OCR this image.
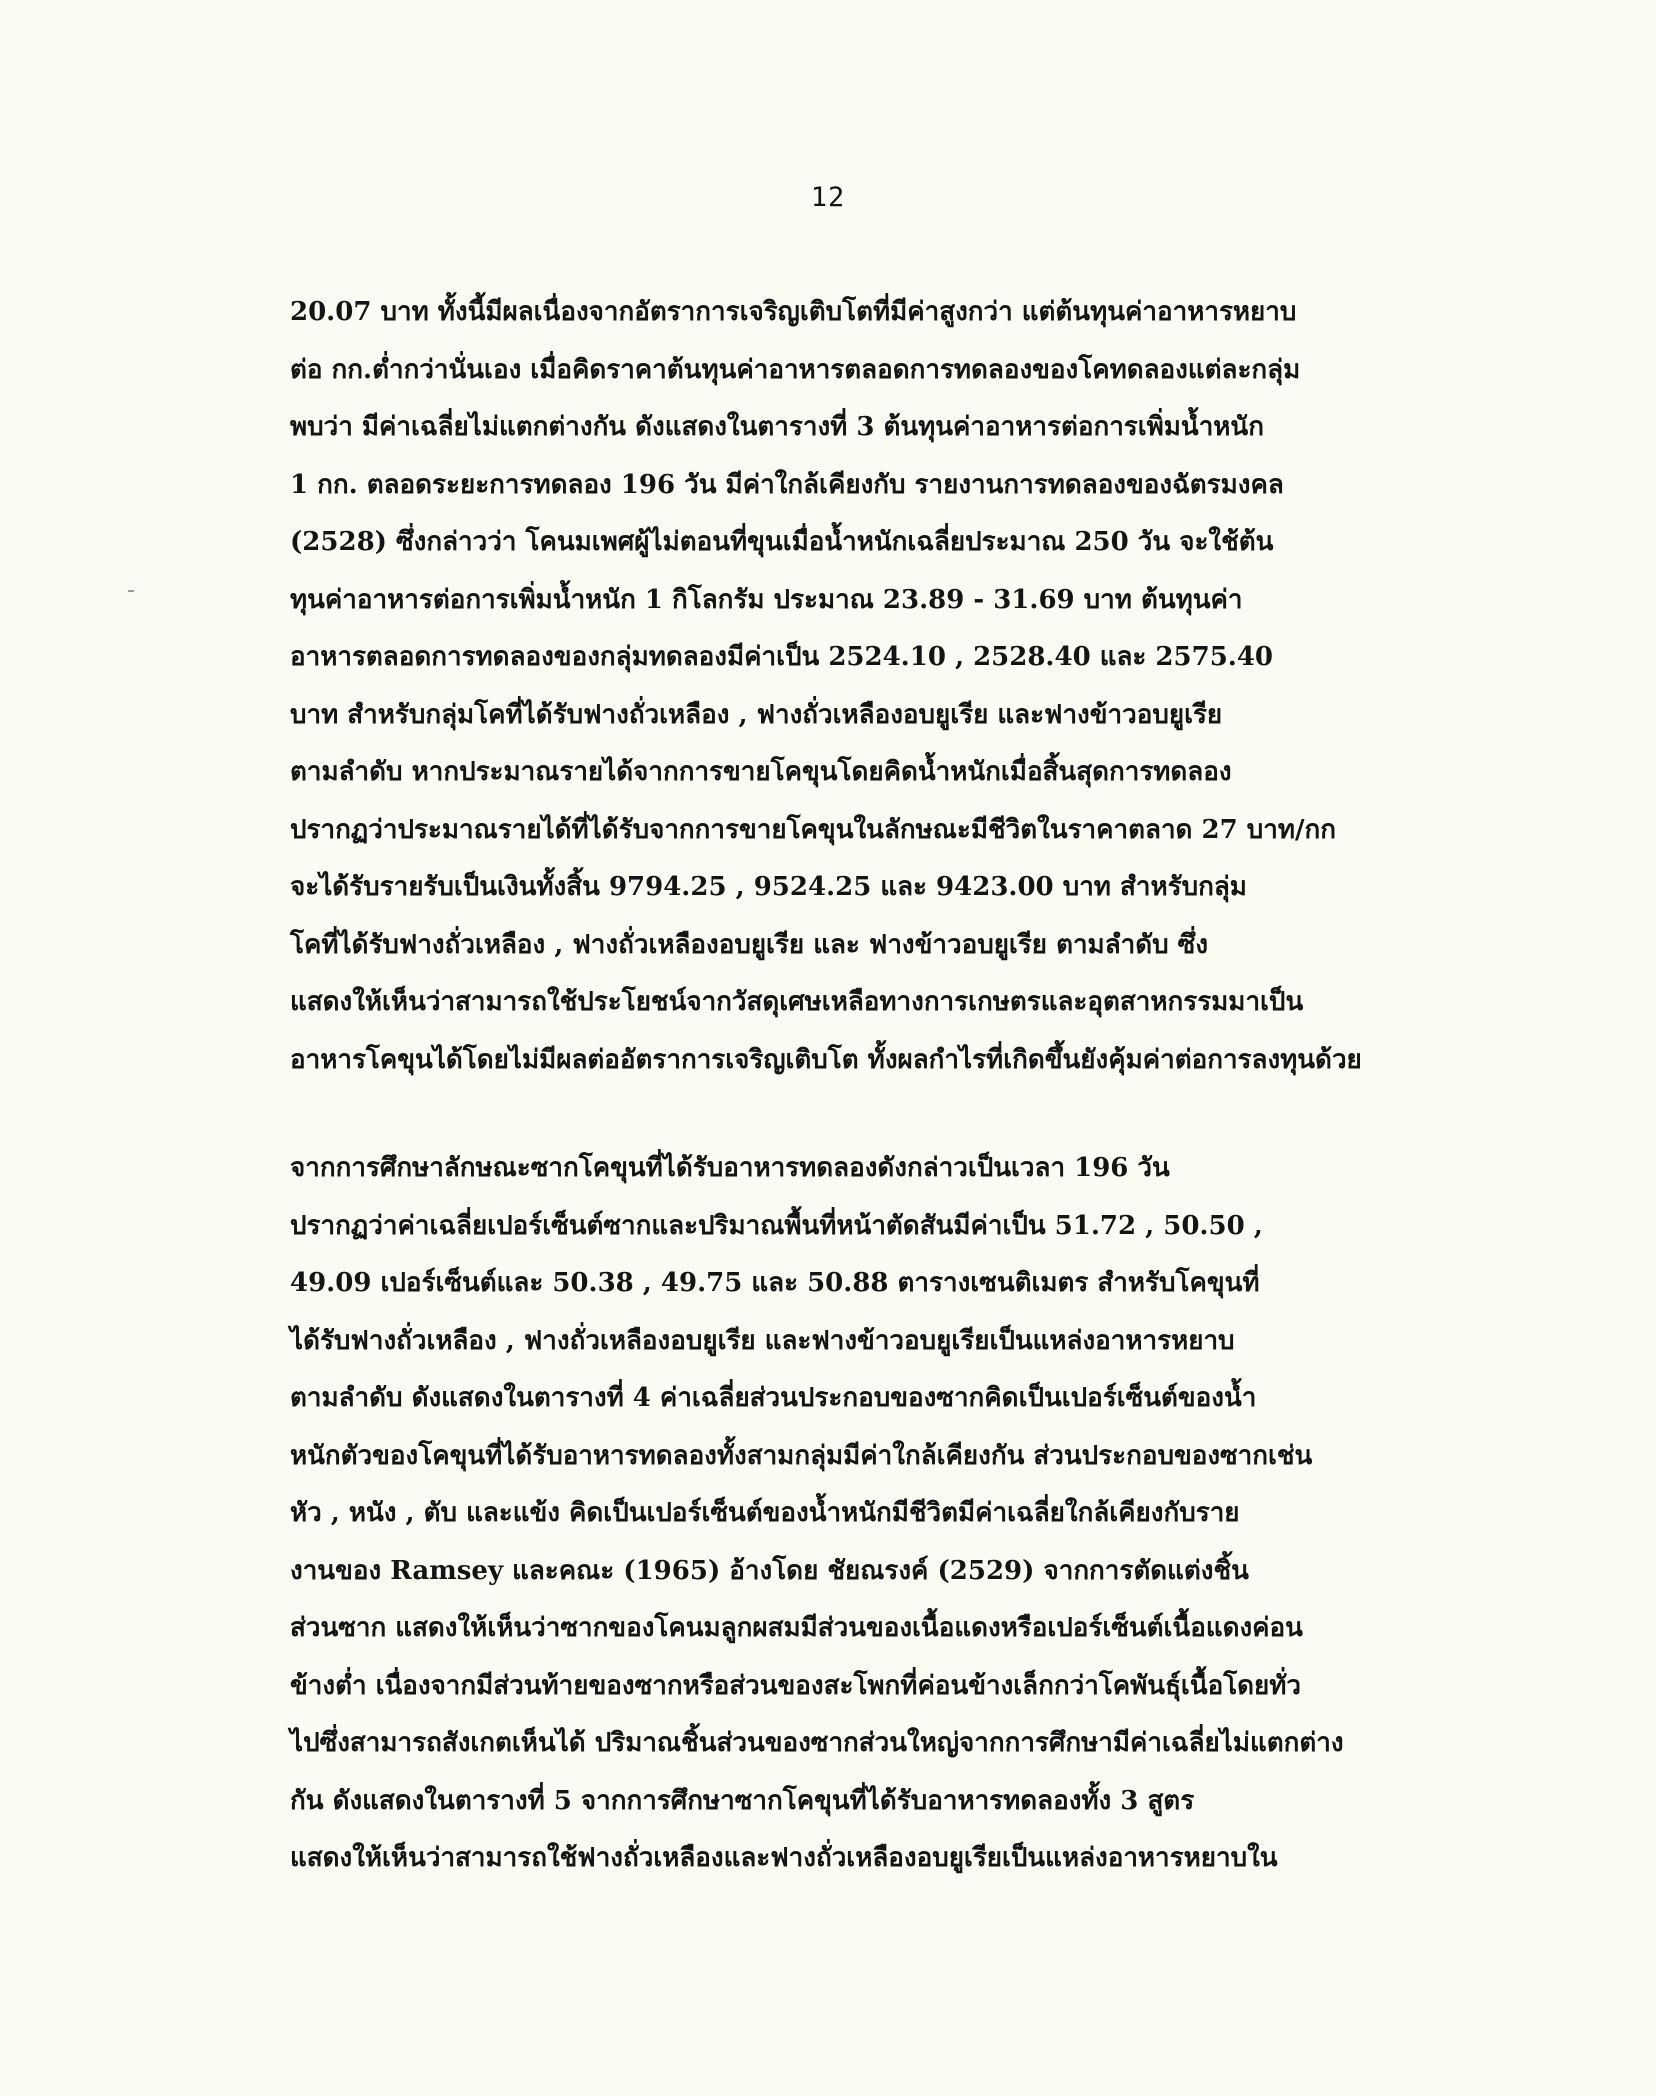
12
20.07 บาท ทั้งนี้มีผลเนื่องจากอัตราการเจริญเติบโตที่มีค่าสูงกว่า แต่ต้นทุนค่าอาหารหยาบ
ต่อ กก.ต่ำกว่านั่นเอง เมื่อคิดราคาต้นทุนค่าอาหารตลอดการทดลองของโคทดลองแต่ละกลุ่ม
พบว่า มีค่าเฉลี่ยไม่แตกต่างกัน ดังแสดงในตารางที่ 3 ต้นทุนค่าอาหารต่อการเพิ่มน้ำหนัก
1 กก. ตลอดระยะการทดลอง 196 วัน มีค่าใกล้เคียงกับ รายงานการทดลองของฉัตรมงคล
(2528) ซึ่งกล่าวว่า โคนมเพศผู้ไม่ตอนที่ขุนเมื่อน้ำหนักเฉลี่ยประมาณ 250 วัน จะใช้ต้น
ทุนค่าอาหารต่อการเพิ่มน้ำหนัก 1 กิโลกรัม ประมาณ 23.89 - 31.69 บาท ต้นทุนค่า
อาหารตลอดการทดลองของกลุ่มทดลองมีค่าเป็น 2524.10 , 2528.40 และ 2575.40
บาท สำหรับกลุ่มโคที่ได้รับฟางถั่วเหลือง , ฟางถั่วเหลืองอบยูเรีย และฟางข้าวอบยูเรีย
ตามลำดับ หากประมาณรายได้จากการขายโคขุนโดยคิดน้ำหนักเมื่อสิ้นสุดการทดลอง
ปรากฏว่าประมาณรายได้ที่ได้รับจากการขายโคขุนในลักษณะมีชีวิตในราคาตลาด 27 บาท/กก
จะได้รับรายรับเป็นเงินทั้งสิ้น 9794.25 , 9524.25 และ 9423.00 บาท สำหรับกลุ่ม
โคที่ได้รับฟางถั่วเหลือง , ฟางถั่วเหลืองอบยูเรีย และ ฟางข้าวอบยูเรีย ตามลำดับ ซึ่ง
แสดงให้เห็นว่าสามารถใช้ประโยชน์จากวัสดุเศษเหลือทางการเกษตรและอุตสาหกรรมมาเป็น
อาหารโคขุนได้โดยไม่มีผลต่ออัตราการเจริญเติบโต ทั้งผลกำไรที่เกิดขึ้นยังคุ้มค่าต่อการลงทุนด้วย
จากการศึกษาลักษณะซากโคขุนที่ได้รับอาหารทดลองดังกล่าวเป็นเวลา 196 วัน
ปรากฏว่าค่าเฉลี่ยเปอร์เซ็นต์ซากและปริมาณพื้นที่หน้าตัดสันมีค่าเป็น 51.72 , 50.50 ,
49.09 เปอร์เซ็นต์และ 50.38 , 49.75 และ 50.88 ตารางเซนติเมตร สำหรับโคขุนที่
ได้รับฟางถั่วเหลือง , ฟางถั่วเหลืองอบยูเรีย และฟางข้าวอบยูเรียเป็นแหล่งอาหารหยาบ
ตามลำดับ ดังแสดงในตารางที่ 4 ค่าเฉลี่ยส่วนประกอบของซากคิดเป็นเปอร์เซ็นต์ของน้ำ
หนักตัวของโคขุนที่ได้รับอาหารทดลองทั้งสามกลุ่มมีค่าใกล้เคียงกัน ส่วนประกอบของซากเช่น
หัว , หนัง , ตับ และแข้ง คิดเป็นเปอร์เซ็นต์ของน้ำหนักมีชีวิตมีค่าเฉลี่ยใกล้เคียงกับราย
งานของ Ramsey และคณะ (1965) อ้างโดย ชัยณรงค์ (2529) จากการตัดแต่งชิ้น
ส่วนซาก แสดงให้เห็นว่าซากของโคนมลูกผสมมีส่วนของเนื้อแดงหรือเปอร์เซ็นต์เนื้อแดงค่อน
ข้างต่ำ เนื่องจากมีส่วนท้ายของซากหรือส่วนของสะโพกที่ค่อนข้างเล็กกว่าโคพันธุ์เนื้อโดยทั่ว
ไปซึ่งสามารถสังเกตเห็นได้ ปริมาณชิ้นส่วนของซากส่วนใหญ่จากการศึกษามีค่าเฉลี่ยไม่แตกต่าง
กัน ดังแสดงในตารางที่ 5 จากการศึกษาซากโคขุนที่ได้รับอาหารทดลองทั้ง 3 สูตร
แสดงให้เห็นว่าสามารถใช้ฟางถั่วเหลืองและฟางถั่วเหลืองอบยูเรียเป็นแหล่งอาหารหยาบใน
